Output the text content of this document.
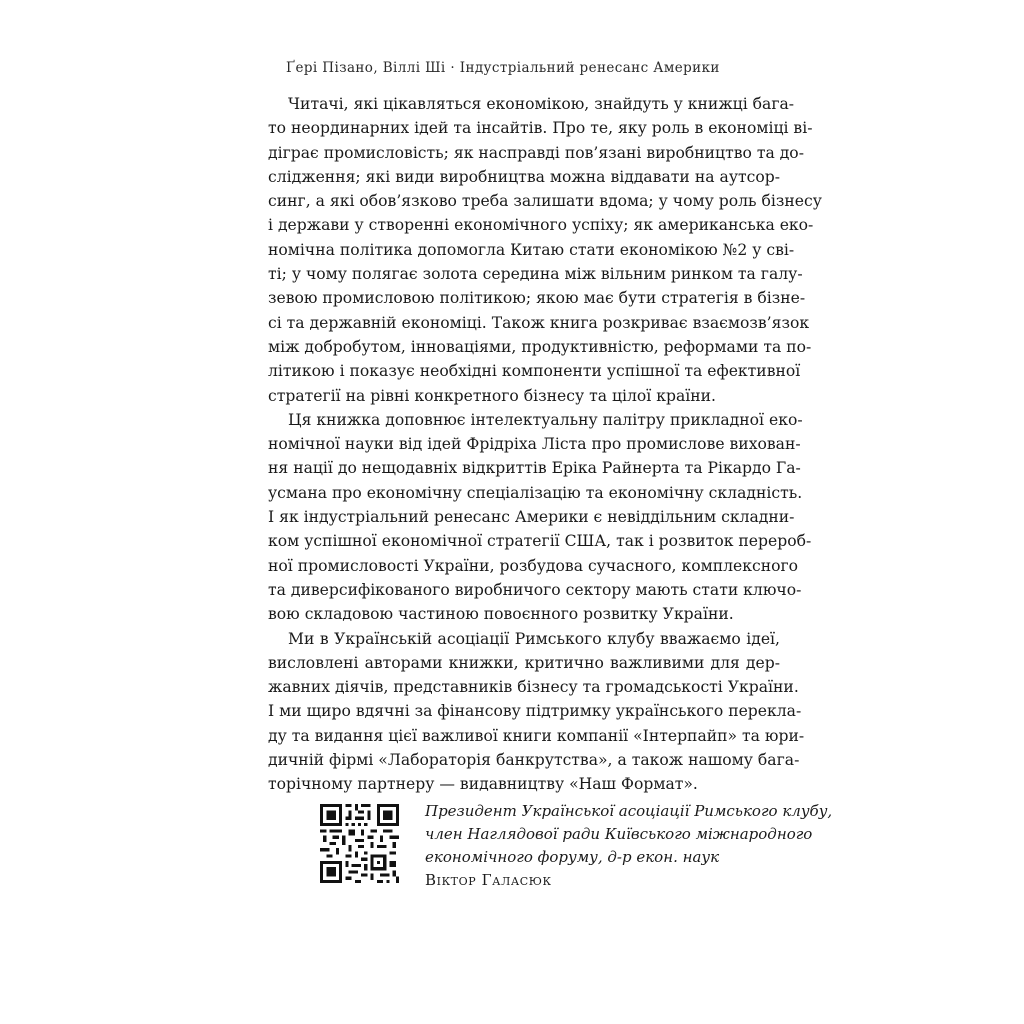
Ґері Пізано, Віллі Ші · Індустріальний ренесанс Америки
Читачі, які цікавляться економікою, знайдуть у книжці бага-
то неординарних ідей та інсайтів. Про те, яку роль в економіці ві-
діграє промисловість; як насправді пов’язані виробництво та до-
слідження; які види виробництва можна віддавати на аутсор-
синг, а які обов’язково треба залишати вдома; у чому роль бізнесу
і держави у створенні економічного успіху; як американська еко-
номічна політика допомогла Китаю стати економікою №2 у сві-
ті; у чому полягає золота середина між вільним ринком та галу-
зевою промисловою політикою; якою має бути стратегія в бізне-
сі та державній економіці. Також книга розкриває взаємозв’язок
між добробутом, інноваціями, продуктивністю, реформами та по-
літикою і показує необхідні компоненти успішної та ефективної
стратегії на рівні конкретного бізнесу та цілої країни.
Ця книжка доповнює інтелектуальну палітру прикладної еко-
номічної науки від ідей Фрідріха Ліста про промислове вихован-
ня нації до нещодавніх відкриттів Еріка Райнерта та Рікардо Га-
усмана про економічну спеціалізацію та економічну складність.
І як індустріальний ренесанс Америки є невіддільним складни-
ком успішної економічної стратегії США, так і розвиток перероб-
ної промисловості України, розбудова сучасного, комплексного
та диверсифікованого виробничого сектору мають стати ключо-
вою складовою частиною повоєнного розвитку України.
Ми в Українській асоціації Римського клубу вважаємо ідеї,
висловлені авторами книжки, критично важливими для дер-
жавних діячів, представників бізнесу та громадськості України.
І ми щиро вдячні за фінансову підтримку українського переклa-
ду та видання цієї важливої книги компанії «Інтерпайп» та юри-
дичній фірмі «Лабораторія банкрутства», а також нашому бага-
торічному партнеру — видавництву «Наш Формат».
Президент Української асоціації Римського клубу,
член Наглядової ради Київського міжнародного
економічного форуму, д-р екон. наук
Віктор Галасюк
